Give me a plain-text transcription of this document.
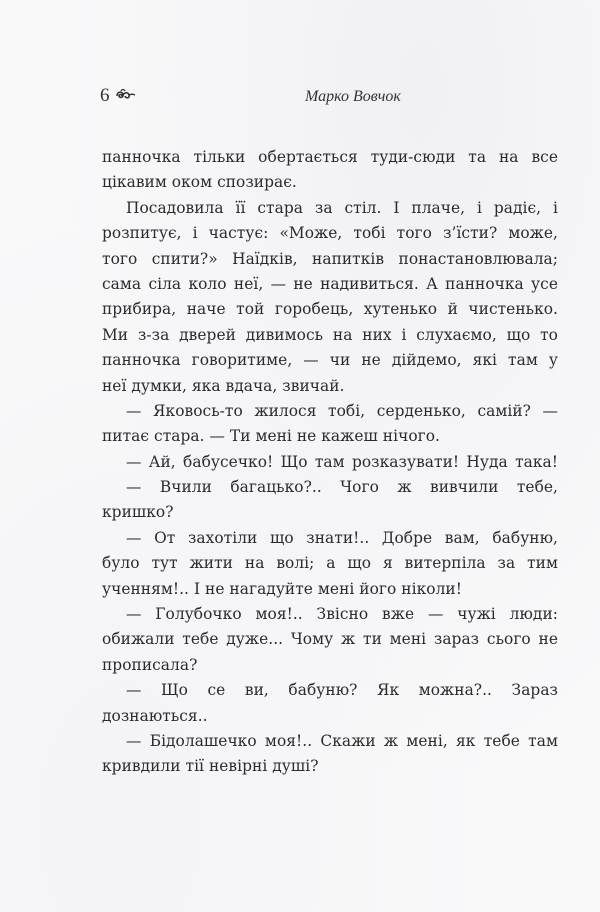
6	Марко Вовчок
панночка тільки обертається туди-сюди та на все
цікавим оком спозирає.
Посадовила її стара за стіл. І плаче, і радіє, і
розпитує, і частує: «Може, тобі того з’їсти? може,
того спити?» Наїдків, напитків понастановлювала;
сама сіла коло неї, — не надивиться. А панночка усе
прибира, наче той горобець, хутенько й чистенько.
Ми з-за дверей дивимось на них і слухаємо, що то
панночка говоритиме, — чи не дійдемо, які там у
неї думки, яка вдача, звичай.
— Яковось-то жилося тобі, серденько, самій? —
питає стара. — Ти мені не кажеш нічого.
— Ай, бабусечко! Що там розказувати! Нуда така!
— Вчили багацько?.. Чого ж вивчили тебе,
кришко?
— От захотіли що знати!.. Добре вам, бабуню,
було тут жити на волі; а що я витерпіла за тим
ученням!.. І не нагадуйте мені його ніколи!
— Голубочко моя!.. Звісно вже — чужі люди:
обижали тебе дуже... Чому ж ти мені зараз сього не
прописала?
— Що се ви, бабуню? Як можна?.. Зараз
дознаються..
— Бідолашечко моя!.. Скажи ж мені, як тебе там
кривдили тії невірні душі?
